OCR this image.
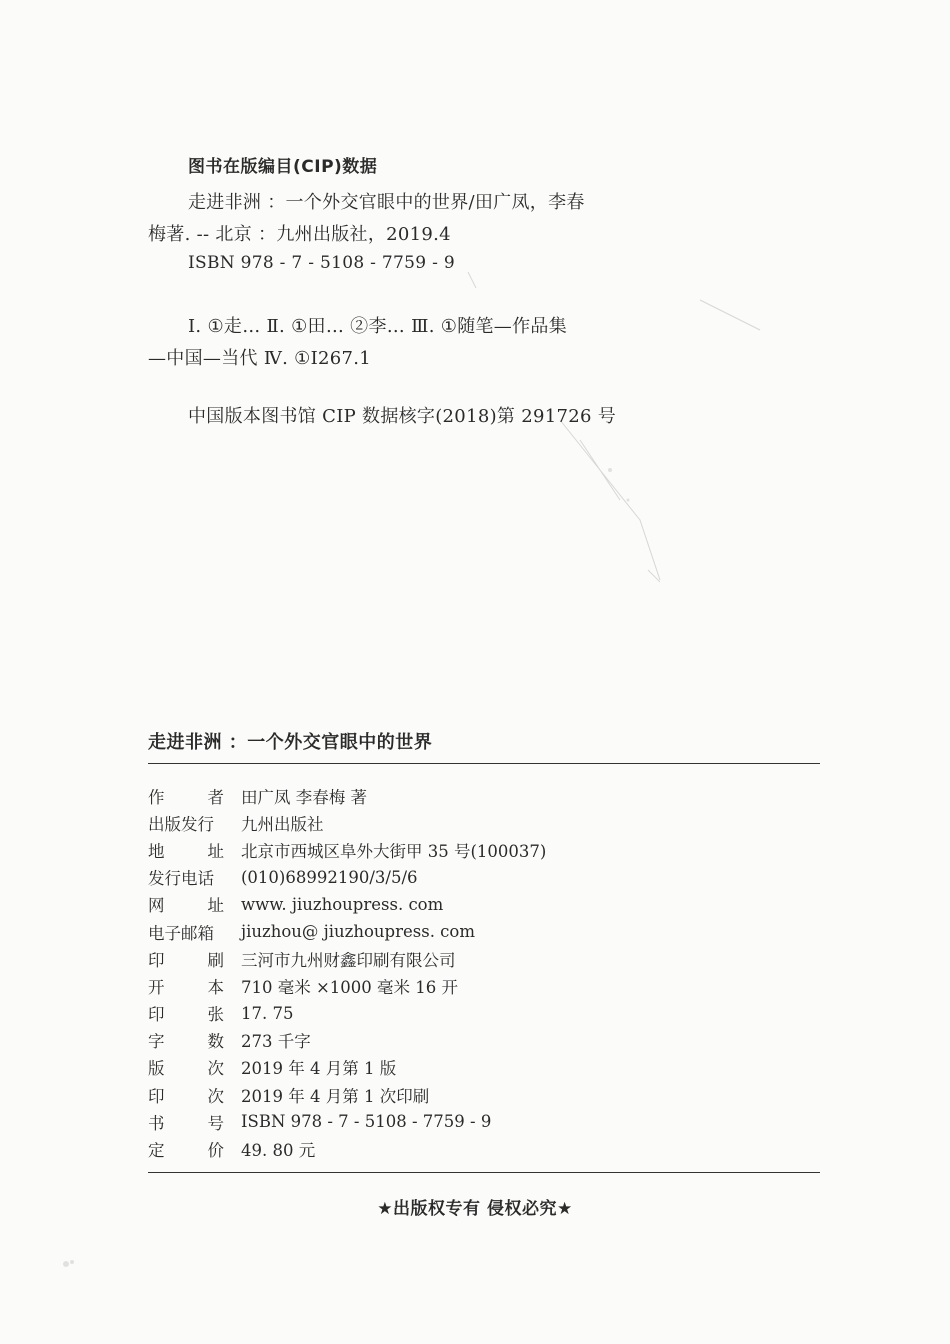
图书在版编目(CIP)数据
走进非洲 ：一个外交官眼中的世界/田广凤，李春
梅著. -- 北京 ：九州出版社，2019.4
ISBN 978 - 7 - 5108 - 7759 - 9
Ⅰ. ①走… Ⅱ. ①田… ②李… Ⅲ. ①随笔—作品集
—中国—当代 Ⅳ. ①I267.1
中国版本图书馆 CIP 数据核字(2018)第 291726 号
走进非洲 ：一个外交官眼中的世界
作	者 田广凤 李春梅 著
出版发行	九州出版社
地	址 北京市西城区阜外大街甲 35 号(100037)
发行电话	(010)68992190/3/5/6
网	址 www. jiuzhoupress. com
电子邮箱	jiuzhou@ jiuzhoupress. com
印	刷 三河市九州财鑫印刷有限公司
开	本 710 毫米 ×1000 毫米 16 开
印	张 17. 75
字	数 273 千字
版	次 2019 年 4 月第 1 版
印	次 2019 年 4 月第 1 次印刷
书	号 ISBN 978 - 7 - 5108 - 7759 - 9
定	价 49. 80 元
★出版权专有 侵权必究★
